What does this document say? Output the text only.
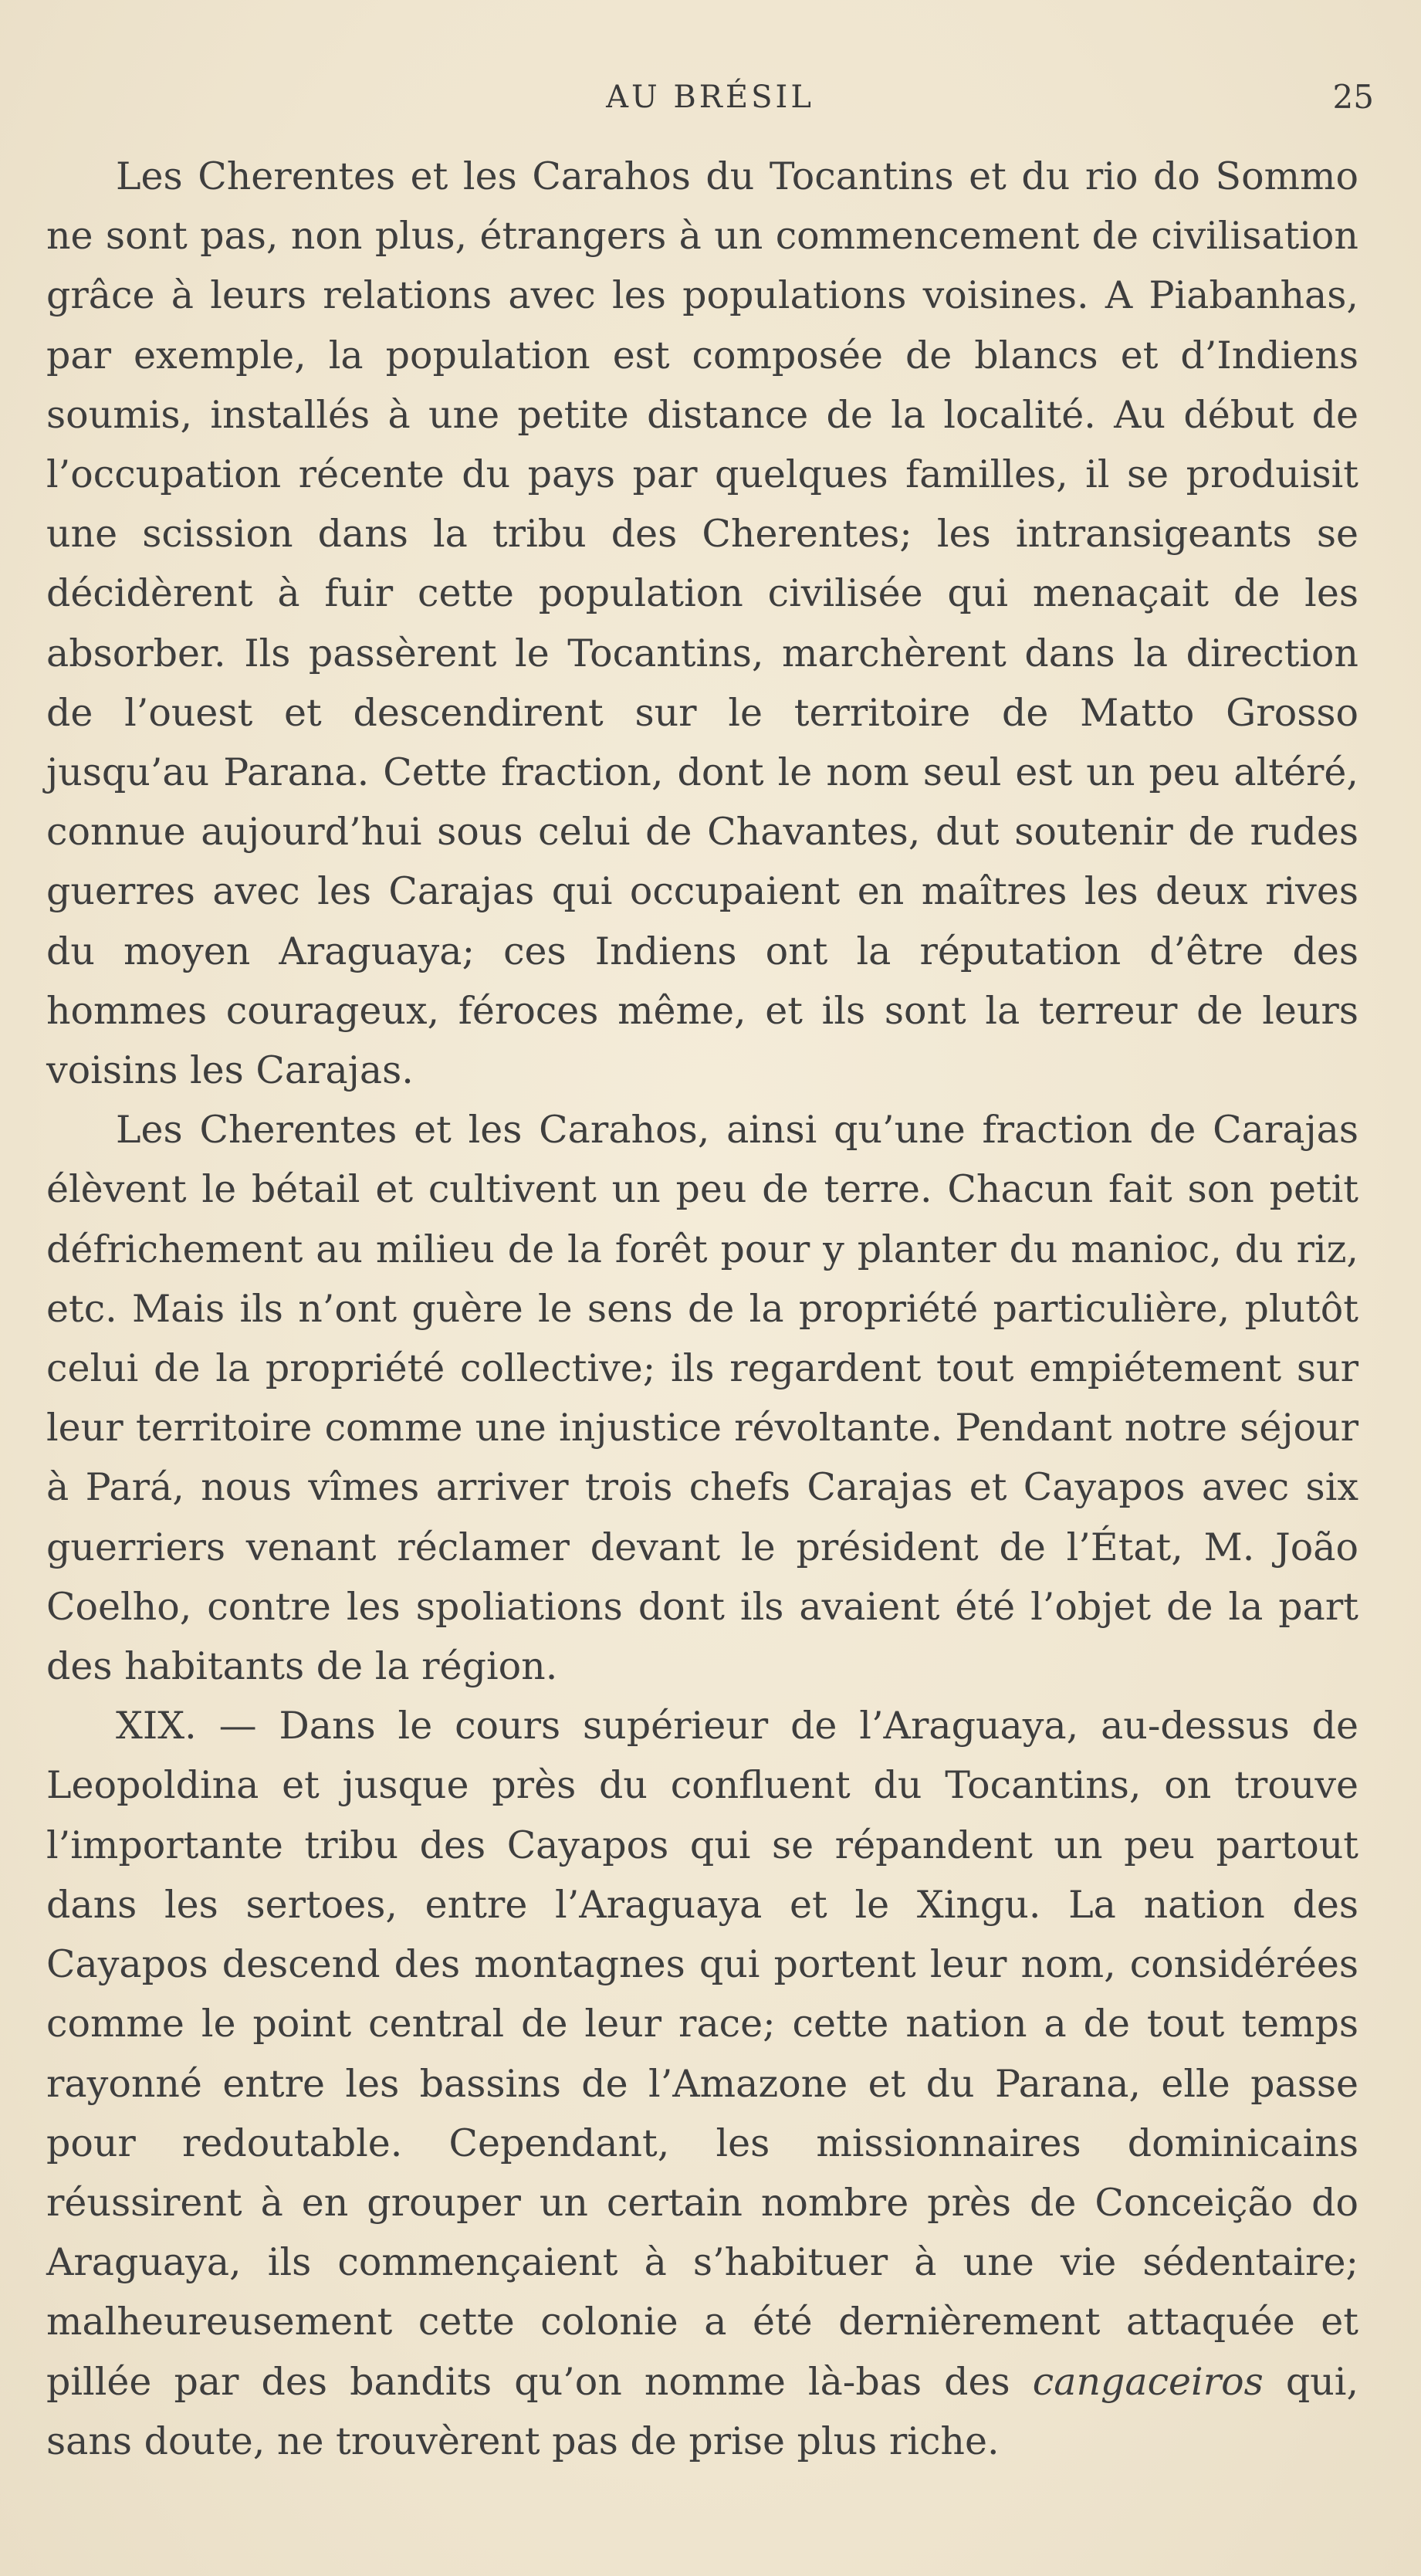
AU BRÉSIL	25

Les Cherentes et les Carahos du Tocantins et du rio do Sommo ne sont pas, non plus, étrangers à un commencement de civilisation grâce à leurs relations avec les populations voisines. A Piabanhas, par exemple, la population est composée de blancs et d’Indiens soumis, installés à une petite distance de la localité. Au début de l’occupation récente du pays par quelques familles, il se produisit une scission dans la tribu des Cherentes; les intransigeants se décidèrent à fuir cette population civilisée qui menaçait de les absorber. Ils passèrent le Tocantins, marchèrent dans la direction de l’ouest et descendirent sur le territoire de Matto Grosso jusqu’au Parana. Cette fraction, dont le nom seul est un peu altéré, connue aujourd’hui sous celui de Chavantes, dut soutenir de rudes guerres avec les Carajas qui occupaient en maîtres les deux rives du moyen Araguaya; ces Indiens ont la réputation d’être des hommes courageux, féroces même, et ils sont la terreur de leurs voisins les Carajas.

Les Cherentes et les Carahos, ainsi qu’une fraction de Carajas élèvent le bétail et cultivent un peu de terre. Chacun fait son petit défrichement au milieu de la forêt pour y planter du manioc, du riz, etc. Mais ils n’ont guère le sens de la propriété particulière, plutôt celui de la propriété collective; ils regardent tout empiétement sur leur territoire comme une injustice révoltante. Pendant notre séjour à Pará, nous vîmes arriver trois chefs Carajas et Cayapos avec six guerriers venant réclamer devant le président de l’État, M. João Coelho, contre les spoliations dont ils avaient été l’objet de la part des habitants de la région.

XIX. — Dans le cours supérieur de l’Araguaya, au-dessus de Leopoldina et jusque près du confluent du Tocantins, on trouve l’importante tribu des Cayapos qui se répandent un peu partout dans les sertoes, entre l’Araguaya et le Xingu. La nation des Cayapos descend des montagnes qui portent leur nom, considérées comme le point central de leur race; cette nation a de tout temps rayonné entre les bassins de l’Amazone et du Parana, elle passe pour redoutable. Cependant, les missionnaires dominicains réussirent à en grouper un certain nombre près de Conceição do Araguaya, ils commençaient à s’habituer à une vie sédentaire; malheureusement cette colonie a été dernièrement attaquée et pillée par des bandits qu’on nomme là-bas des cangaceiros qui, sans doute, ne trouvèrent pas de prise plus riche.
